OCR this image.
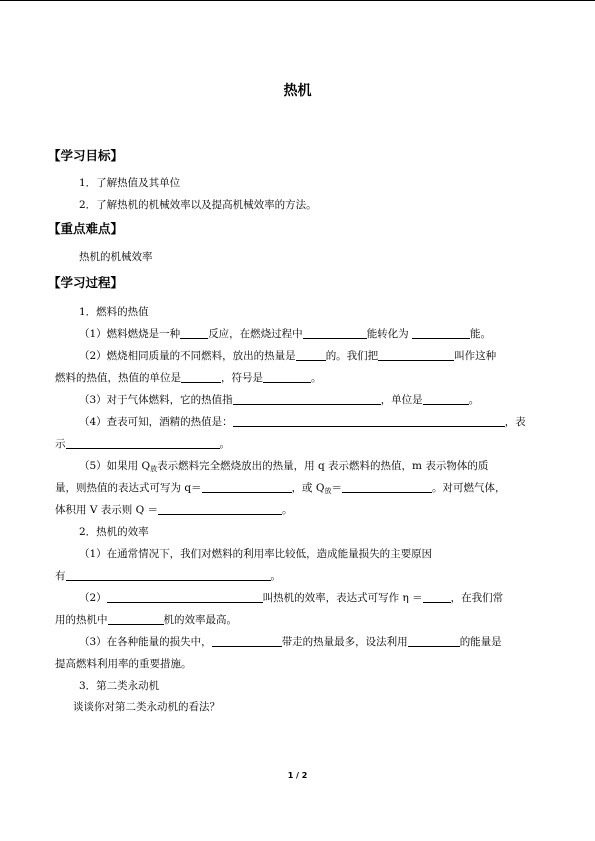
热机
【学习目标】
1．了解热值及其单位
2．了解热机的机械效率以及提高机械效率的方法。
【重点难点】
热机的机械效率
【学习过程】
1．燃料的热值
（1）燃料燃烧是一种	反应，在燃烧过程中	能转化为	能。
（2）燃烧相同质量的不同燃料，放出的热量是	的。我们把	叫作这种
燃料的热值，热值的单位是	，符号是	。
（3）对于气体燃料，它的热值指	，单位是	。
（4）查表可知，酒精的热值是：	，表
示	。
（5）如果用 $Q_放$表示燃料完全燃烧放出的热量，用 q 表示燃料的热值，m 表示物体的质
量，则热值的表达式可写为 q＝	，或 $Q_放=$	。对可燃气体，
体积用 V 表示则 Q ＝	。
2．热机的效率
（1）在通常情况下，我们对燃料的利用率比较低，造成能量损失的主要原因
有	。
（2）	叫热机的效率，表达式可写作 η ＝	，在我们常
用的热机中	机的效率最高。
（3）在各种能量的损失中，	带走的热量最多，设法利用	的能量是
提高燃料利用率的重要措施。
3．第二类永动机
谈谈你对第二类永动机的看法？
1 / 2
